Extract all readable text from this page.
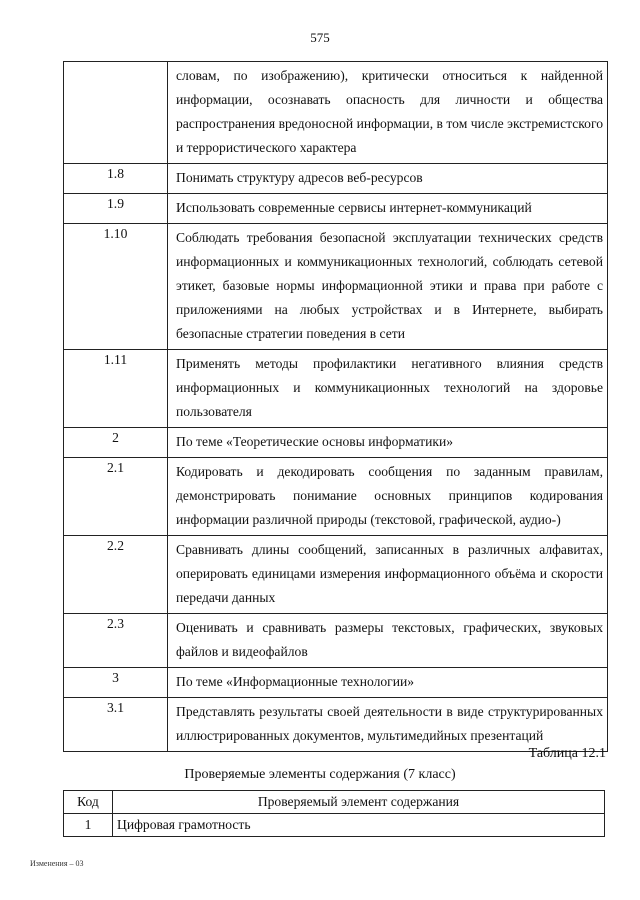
575
	словам, по изображению), критически относиться к найденной информации, осознавать опасность для личности и общества распространения вредоносной информации, в том числе экстремистского и террористического характера
1.8	Понимать структуру адресов веб-ресурсов
1.9	Использовать современные сервисы интернет-коммуникаций
1.10	Соблюдать требования безопасной эксплуатации технических средств информационных и коммуникационных технологий, соблюдать сетевой этикет, базовые нормы информационной этики и права при работе с приложениями на любых устройствах и в Интернете, выбирать безопасные стратегии поведения в сети
1.11	Применять методы профилактики негативного влияния средств информационных и коммуникационных технологий на здоровье пользователя
2	По теме «Теоретические основы информатики»
2.1	Кодировать и декодировать сообщения по заданным правилам, демонстрировать понимание основных принципов кодирования информации различной природы (текстовой, графической, аудио-)
2.2	Сравнивать длины сообщений, записанных в различных алфавитах, оперировать единицами измерения информационного объёма и скорости передачи данных
2.3	Оценивать и сравнивать размеры текстовых, графических, звуковых файлов и видеофайлов
3	По теме «Информационные технологии»
3.1	Представлять результаты своей деятельности в виде структурированных иллюстрированных документов, мультимедийных презентаций
Таблица 12.1
Проверяемые элементы содержания (7 класс)
Код	Проверяемый элемент содержания
1	Цифровая грамотность
Изменения – 03
